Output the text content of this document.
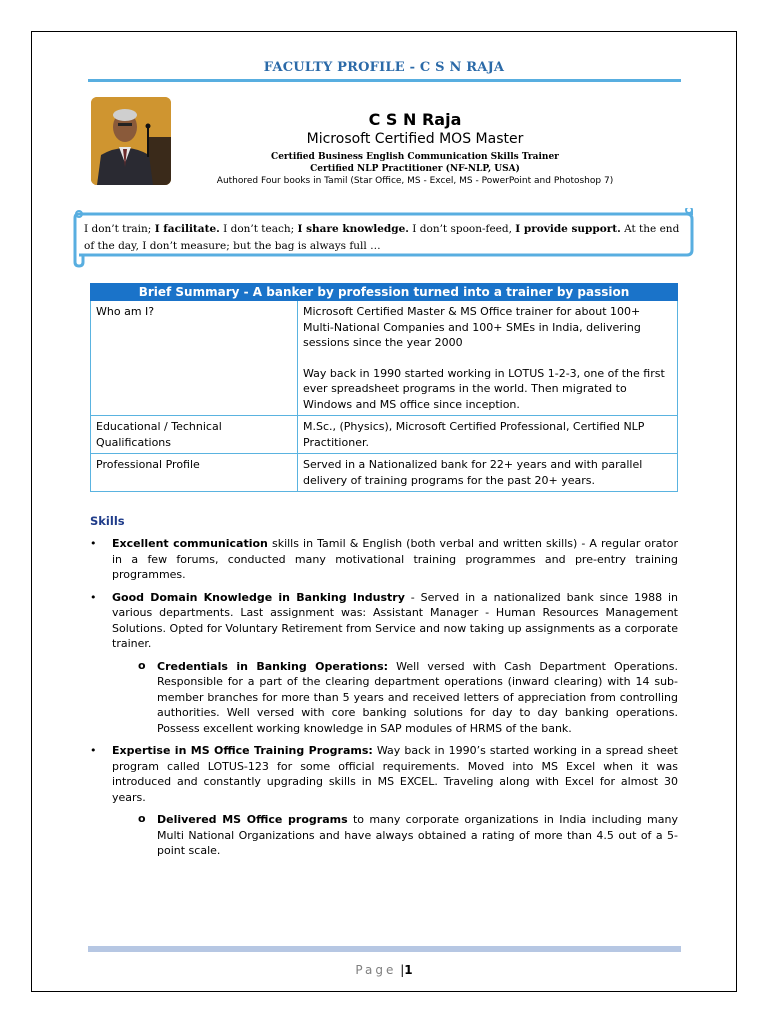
FACULTY PROFILE - C S N RAJA
C S N Raja
Microsoft Certified MOS Master
Certified Business English Communication Skills Trainer
Certified NLP Practitioner (NF-NLP, USA)
Authored Four books in Tamil (Star Office, MS - Excel, MS - PowerPoint and Photoshop 7)
I don’t train; I facilitate. I don’t teach; I share knowledge. I don’t spoon-feed, I provide support. At the end of the day, I don’t measure; but the bag is always full …
Brief Summary - A banker by profession turned into a trainer by passion	
Who am I?	Microsoft Certified Master & MS Office trainer for about 100+ Multi-National Companies and 100+ SMEs in India, delivering sessions since the year 2000

Way back in 1990 started working in LOTUS 1-2-3, one of the first ever spreadsheet programs in the world. Then migrated to Windows and MS office since inception.

Educational / Technical Qualifications	M.Sc., (Physics), Microsoft Certified Professional, Certified NLP Practitioner.

Professional Profile	Served in a Nationalized bank for 22+ years and with parallel delivery of training programs for the past 20+ years.

Skills
• Excellent communication skills in Tamil & English (both verbal and written skills) - A regular orator in a few forums, conducted many motivational training programmes and pre-entry training programmes.
• Good Domain Knowledge in Banking Industry - Served in a nationalized bank since 1988 in various departments. Last assignment was: Assistant Manager - Human Resources Management Solutions. Opted for Voluntary Retirement from Service and now taking up assignments as a corporate trainer.
o Credentials in Banking Operations: Well versed with Cash Department Operations. Responsible for a part of the clearing department operations (inward clearing) with 14 sub-member branches for more than 5 years and received letters of appreciation from controlling authorities. Well versed with core banking solutions for day to day banking operations. Possess excellent working knowledge in SAP modules of HRMS of the bank.
• Expertise in MS Office Training Programs: Way back in 1990’s started working in a spread sheet program called LOTUS-123 for some official requirements. Moved into MS Excel when it was introduced and constantly upgrading skills in MS EXCEL. Traveling along with Excel for almost 30 years.
o Delivered MS Office programs to many corporate organizations in India including many Multi National Organizations and have always obtained a rating of more than 4.5 out of a 5-point scale.
Page |1
